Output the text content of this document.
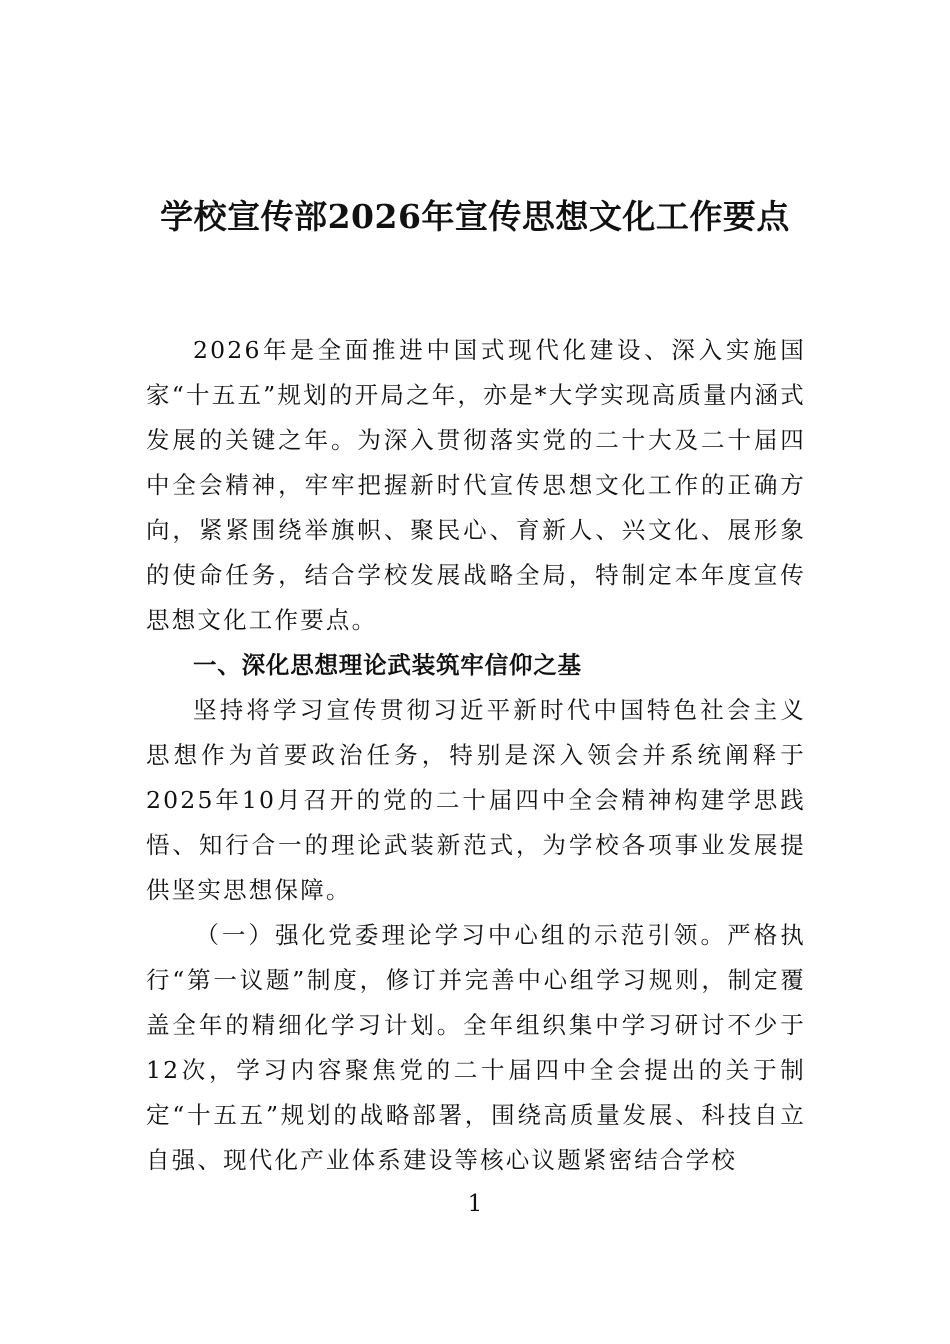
学校宣传部2026年宣传思想文化工作要点

2026年是全面推进中国式现代化建设、深入实施国家“十五五”规划的开局之年，亦是*大学实现高质量内涵式发展的关键之年。为深入贯彻落实党的二十大及二十届四中全会精神，牢牢把握新时代宣传思想文化工作的正确方向，紧紧围绕举旗帜、聚民心、育新人、兴文化、展形象的使命任务，结合学校发展战略全局，特制定本年度宣传思想文化工作要点。

一、深化思想理论武装筑牢信仰之基

坚持将学习宣传贯彻习近平新时代中国特色社会主义思想作为首要政治任务，特别是深入领会并系统阐释于2025年10月召开的党的二十届四中全会精神构建学思践悟、知行合一的理论武装新范式，为学校各项事业发展提供坚实思想保障。

（一）强化党委理论学习中心组的示范引领。严格执行“第一议题”制度，修订并完善中心组学习规则，制定覆盖全年的精细化学习计划。全年组织集中学习研讨不少于12次，学习内容聚焦党的二十届四中全会提出的关于制定“十五五”规划的战略部署，围绕高质量发展、科技自立自强、现代化产业体系建设等核心议题紧密结合学校

1
